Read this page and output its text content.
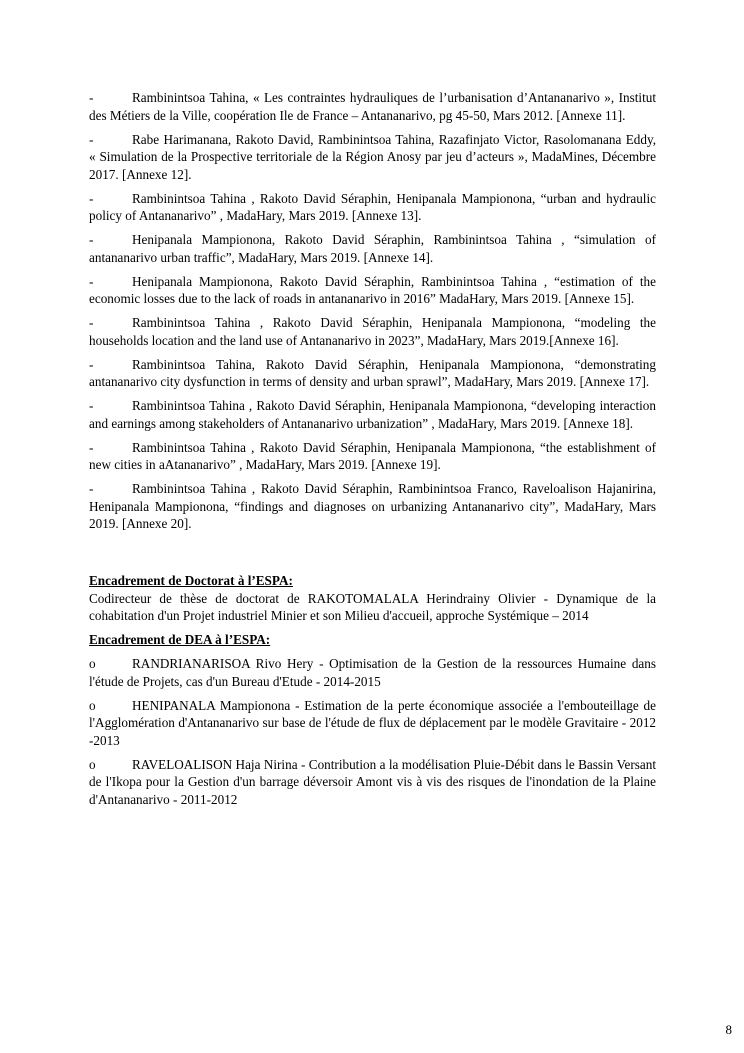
-	Rambinintsoa Tahina, « Les contraintes hydrauliques de l’urbanisation d’Antananarivo », Institut des Métiers de la Ville, coopération Ile de France – Antananarivo, pg 45-50, Mars 2012. [Annexe 11].

-	Rabe Harimanana, Rakoto David, Rambinintsoa Tahina, Razafinjato Victor, Rasolomanana Eddy, « Simulation de la Prospective territoriale de la Région Anosy par jeu d’acteurs », MadaMines, Décembre 2017. [Annexe 12].

-	Rambinintsoa Tahina , Rakoto David Séraphin, Henipanala Mampionona, “urban and hydraulic policy of Antananarivo” , MadaHary, Mars 2019. [Annexe 13].

-	Henipanala Mampionona, Rakoto David Séraphin, Rambinintsoa Tahina , “simulation of antananarivo urban traffic”, MadaHary, Mars 2019. [Annexe 14].

-	Henipanala Mampionona, Rakoto David Séraphin, Rambinintsoa Tahina , “estimation of the economic losses due to the lack of roads in antananarivo in 2016” MadaHary, Mars 2019. [Annexe 15].

-	Rambinintsoa Tahina , Rakoto David Séraphin, Henipanala Mampionona, “modeling the households location and the land use of Antananarivo in 2023”, MadaHary, Mars 2019.[Annexe 16].

-	Rambinintsoa Tahina, Rakoto David Séraphin, Henipanala Mampionona, “demonstrating antananarivo city dysfunction in terms of density and urban sprawl”, MadaHary, Mars 2019. [Annexe 17].

-	Rambinintsoa Tahina , Rakoto David Séraphin, Henipanala Mampionona, “developing interaction and earnings among stakeholders of Antananarivo urbanization” , MadaHary, Mars 2019. [Annexe 18].

-	Rambinintsoa Tahina , Rakoto David Séraphin, Henipanala Mampionona, “the establishment of new cities in aAtananarivo” , MadaHary, Mars 2019. [Annexe 19].

-	Rambinintsoa Tahina , Rakoto David Séraphin, Rambinintsoa Franco, Raveloalison Hajanirina, Henipanala Mampionona, “findings and diagnoses on urbanizing Antananarivo city”, MadaHary, Mars 2019. [Annexe 20].

Encadrement de Doctorat à l’ESPA:

Codirecteur de thèse de doctorat de RAKOTOMALALA Herindrainy Olivier - Dynamique de la cohabitation d'un Projet industriel Minier et son Milieu d'accueil, approche Systémique – 2014

Encadrement de DEA à l’ESPA:

o	RANDRIANARISOA Rivo Hery - Optimisation de la Gestion de la ressources Humaine dans l'étude de Projets, cas d'un Bureau d'Etude - 2014-2015

o	HENIPANALA Mampionona - Estimation de la perte économique associée a l'embouteillage de l'Agglomération d'Antananarivo sur base de l'étude de flux de déplacement par le modèle Gravitaire - 2012 -2013

o	RAVELOALISON Haja Nirina - Contribution a la modélisation Pluie-Débit dans le Bassin Versant de l'Ikopa pour la Gestion d'un barrage déversoir Amont vis à vis des risques de l'inondation de la Plaine d'Antananarivo - 2011-2012

8
